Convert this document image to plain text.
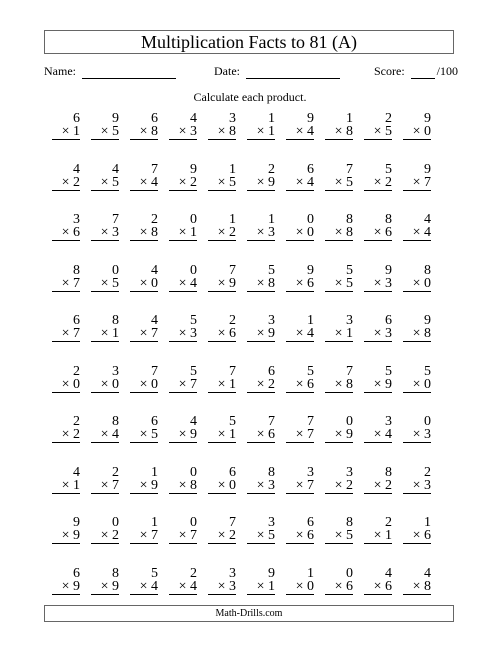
Multiplication Facts to 81 (A)
Name:	Date:	Score:	/100
Calculate each product.
6
× 1
9
× 5
6
× 8
4
× 3
3
× 8
1
× 1
9
× 4
1
× 8
2
× 5
9
× 0
4
× 2
4
× 5
7
× 4
9
× 2
1
× 5
2
× 9
6
× 4
7
× 5
5
× 2
9
× 7
3
× 6
7
× 3
2
× 8
0
× 1
1
× 2
1
× 3
0
× 0
8
× 8
8
× 6
4
× 4
8
× 7
0
× 5
4
× 0
0
× 4
7
× 9
5
× 8
9
× 6
5
× 5
9
× 3
8
× 0
6
× 7
8
× 1
4
× 7
5
× 3
2
× 6
3
× 9
1
× 4
3
× 1
6
× 3
9
× 8
2
× 0
3
× 0
7
× 0
5
× 7
7
× 1
6
× 2
5
× 6
7
× 8
5
× 9
5
× 0
2
× 2
8
× 4
6
× 5
4
× 9
5
× 1
7
× 6
7
× 7
0
× 9
3
× 4
0
× 3
4
× 1
2
× 7
1
× 9
0
× 8
6
× 0
8
× 3
3
× 7
3
× 2
8
× 2
2
× 3
9
× 9
0
× 2
1
× 7
0
× 7
7
× 2
3
× 5
6
× 6
8
× 5
2
× 1
1
× 6
6
× 9
8
× 9
5
× 4
2
× 4
3
× 3
9
× 1
1
× 0
0
× 6
4
× 6
4
× 8
Math-Drills.com
